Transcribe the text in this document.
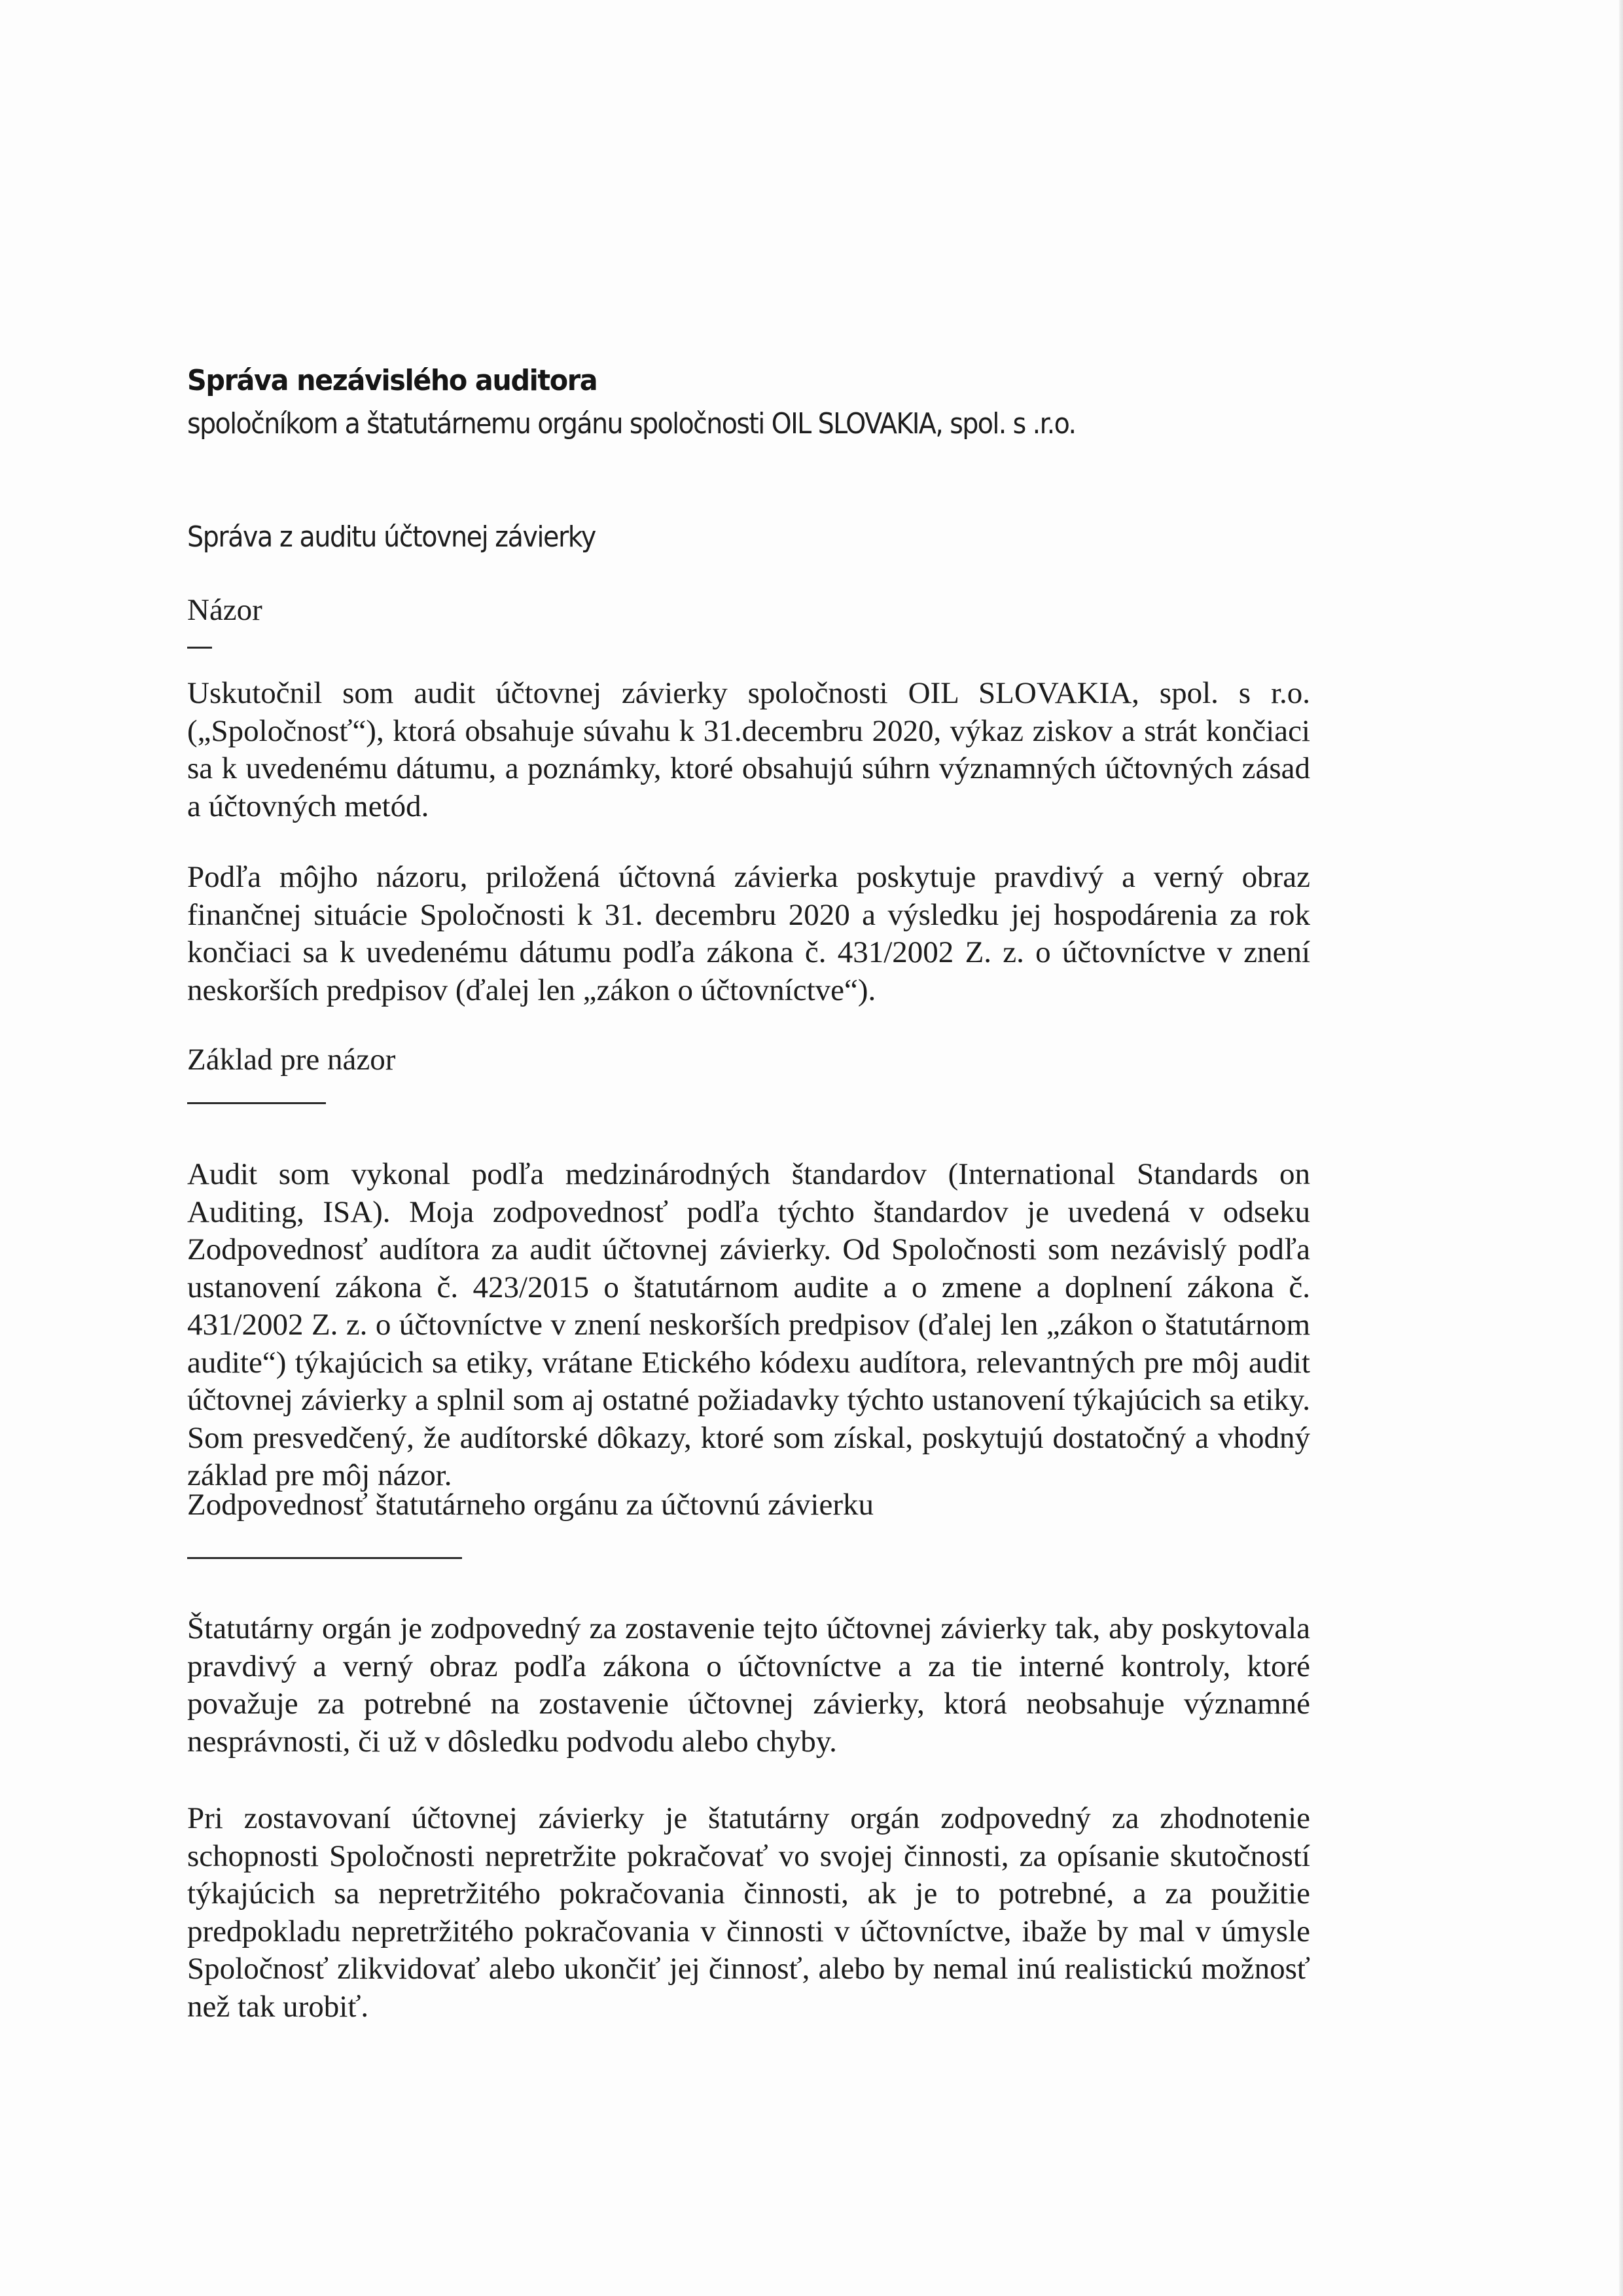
Správa nezávislého auditora
spoločníkom a štatutárnemu orgánu spoločnosti OIL SLOVAKIA, spol. s .r.o.
Správa z auditu účtovnej závierky
Názor

Uskutočnil som audit účtovnej závierky spoločnosti OIL SLOVAKIA, spol. s r.o. („Spoločnosť“), ktorá obsahuje súvahu k 31.decembru 2020, výkaz ziskov a strát končiaci sa k uvedenému dátumu, a poznámky, ktoré obsahujú súhrn významných účtovných zásad a účtovných metód.

Podľa môjho názoru, priložená účtovná závierka poskytuje pravdivý a verný obraz finančnej situácie Spoločnosti k 31. decembru 2020 a výsledku jej hospodárenia za rok končiaci sa k uvedenému dátumu podľa zákona č. 431/2002 Z. z. o účtovníctve v znení neskorších predpisov (ďalej len „zákon o účtovníctve“).

Základ pre názor

Audit som vykonal podľa medzinárodných štandardov (International Standards on Auditing, ISA). Moja zodpovednosť podľa týchto štandardov je uvedená v odseku Zodpovednosť audítora za audit účtovnej závierky. Od Spoločnosti som nezávislý podľa ustanovení zákona č. 423/2015 o štatutárnom audite a o zmene a doplnení zákona č. 431/2002 Z. z. o účtovníctve v znení neskorších predpisov (ďalej len „zákon o štatutárnom audite“) týkajúcich sa etiky, vrátane Etického kódexu audítora, relevantných pre môj audit účtovnej závierky a splnil som aj ostatné požiadavky týchto ustanovení týkajúcich sa etiky. Som presvedčený, že audítorské dôkazy, ktoré som získal, poskytujú dostatočný a vhodný základ pre môj názor.

Zodpovednosť štatutárneho orgánu za účtovnú závierku

Štatutárny orgán je zodpovedný za zostavenie tejto účtovnej závierky tak, aby poskytovala pravdivý a verný obraz podľa zákona o účtovníctve a za tie interné kontroly, ktoré považuje za potrebné na zostavenie účtovnej závierky, ktorá neobsahuje významné nesprávnosti, či už v dôsledku podvodu alebo chyby.

Pri zostavovaní účtovnej závierky je štatutárny orgán zodpovedný za zhodnotenie schopnosti Spoločnosti nepretržite pokračovať vo svojej činnosti, za opísanie skutočností týkajúcich sa nepretržitého pokračovania činnosti, ak je to potrebné, a za použitie predpokladu nepretržitého pokračovania v činnosti v účtovníctve, ibaže by mal v úmysle Spoločnosť zlikvidovať alebo ukončiť jej činnosť, alebo by nemal inú realistickú možnosť než tak urobiť.
